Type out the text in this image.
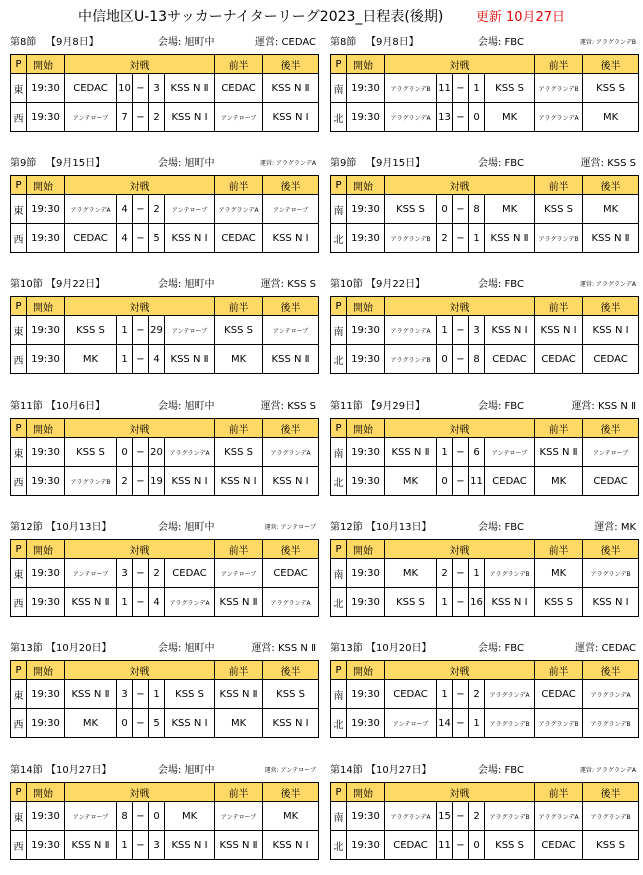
中信地区U-13サッカーナイターリーグ2023_日程表(後期) 更新 10月27日
第8節 【9月8日】	会場: 旭町中	運営: CEDAC
P	開始	対戦					前半	後半
東	19:30	CEDAC	10	−	3	KSS N Ⅱ	CEDAC	KSS N Ⅱ
西	19:30	アンテローブ	7	−	2	KSS N Ⅰ	アンテローブ	KSS N Ⅰ
第8節 【9月8日】	会場: FBC	運営: アラグランデB
P	開始	対戦					前半	後半
南	19:30	アラグランデB	11	−	1	KSS S	アラグランデB	KSS S
北	19:30	アラグランデA	13	−	0	MK	アラグランデA	MK
第9節 【9月15日】	会場: 旭町中	運営: アラグランデA
P	開始	対戦					前半	後半
東	19:30	アラグランデA	4	−	2	アンテローブ	アラグランデA	アンテローブ
西	19:30	CEDAC	4	−	5	KSS N Ⅰ	CEDAC	KSS N Ⅰ
第9節 【9月15日】	会場: FBC	運営: KSS S
P	開始	対戦					前半	後半
南	19:30	KSS S	0	−	8	MK	KSS S	MK
北	19:30	アラグランデB	2	−	1	KSS N Ⅱ	アラグランデB	KSS N Ⅱ
第10節 【9月22日】	会場: 旭町中	運営: KSS S
P	開始	対戦					前半	後半
東	19:30	KSS S	1	−	29	アンテローブ	KSS S	アンテローブ
西	19:30	MK	1	−	4	KSS N Ⅱ	MK	KSS N Ⅱ
第10節 【9月22日】	会場: FBC	運営: アラグランデA
P	開始	対戦					前半	後半
南	19:30	アラグランデA	1	−	3	KSS N Ⅰ	KSS N Ⅰ	KSS N Ⅰ
北	19:30	アラグランデB	0	−	8	CEDAC	CEDAC	CEDAC
第11節 【10月6日】	会場: 旭町中	運営: KSS S
P	開始	対戦					前半	後半
東	19:30	KSS S	0	−	20	アラグランデA	KSS S	アラグランデA
西	19:30	アラグランデB	2	−	19	KSS N Ⅰ	KSS N Ⅰ	KSS N Ⅰ
第11節 【9月29日】	会場: FBC	運営: KSS N Ⅱ
P	開始	対戦					前半	後半
南	19:30	KSS N Ⅱ	1	−	6	アンテローブ	KSS N Ⅱ	アンテローブ
北	19:30	MK	0	−	11	CEDAC	MK	CEDAC
第12節 【10月13日】	会場: 旭町中	運営: アンテローブ
P	開始	対戦					前半	後半
東	19:30	アンテローブ	3	−	2	CEDAC	アンテローブ	CEDAC
西	19:30	KSS N Ⅱ	1	−	4	アラグランデA	KSS N Ⅱ	アラグランデA
第12節 【10月13日】	会場: FBC	運営: MK
P	開始	対戦					前半	後半
南	19:30	MK	2	−	1	アラグランデB	MK	アラグランデB
北	19:30	KSS S	1	−	16	KSS N Ⅰ	KSS S	KSS N Ⅰ
第13節 【10月20日】	会場: 旭町中	運営: KSS N Ⅱ
P	開始	対戦					前半	後半
東	19:30	KSS N Ⅱ	3	−	1	KSS S	KSS N Ⅱ	KSS S
西	19:30	MK	0	−	5	KSS N Ⅰ	MK	KSS N Ⅰ
第13節 【10月20日】	会場: FBC	運営: CEDAC
P	開始	対戦					前半	後半
南	19:30	CEDAC	1	−	2	アラグランデA	CEDAC	アラグランデA
北	19:30	アンテローブ	14	−	1	アラグランデB	アラグランデB	アラグランデB
第14節 【10月27日】	会場: 旭町中	運営: アンテローブ
P	開始	対戦					前半	後半
東	19:30	アンテローブ	8	−	0	MK	アンテローブ	MK
西	19:30	KSS N Ⅱ	1	−	3	KSS N Ⅰ	KSS N Ⅱ	KSS N Ⅰ
第14節 【10月27日】	会場: FBC	運営: アラグランデA
P	開始	対戦					前半	後半
南	19:30	アラグランデA	15	−	2	アラグランデB	アラグランデA	アラグランデB
北	19:30	CEDAC	11	−	0	KSS S	CEDAC	KSS S
